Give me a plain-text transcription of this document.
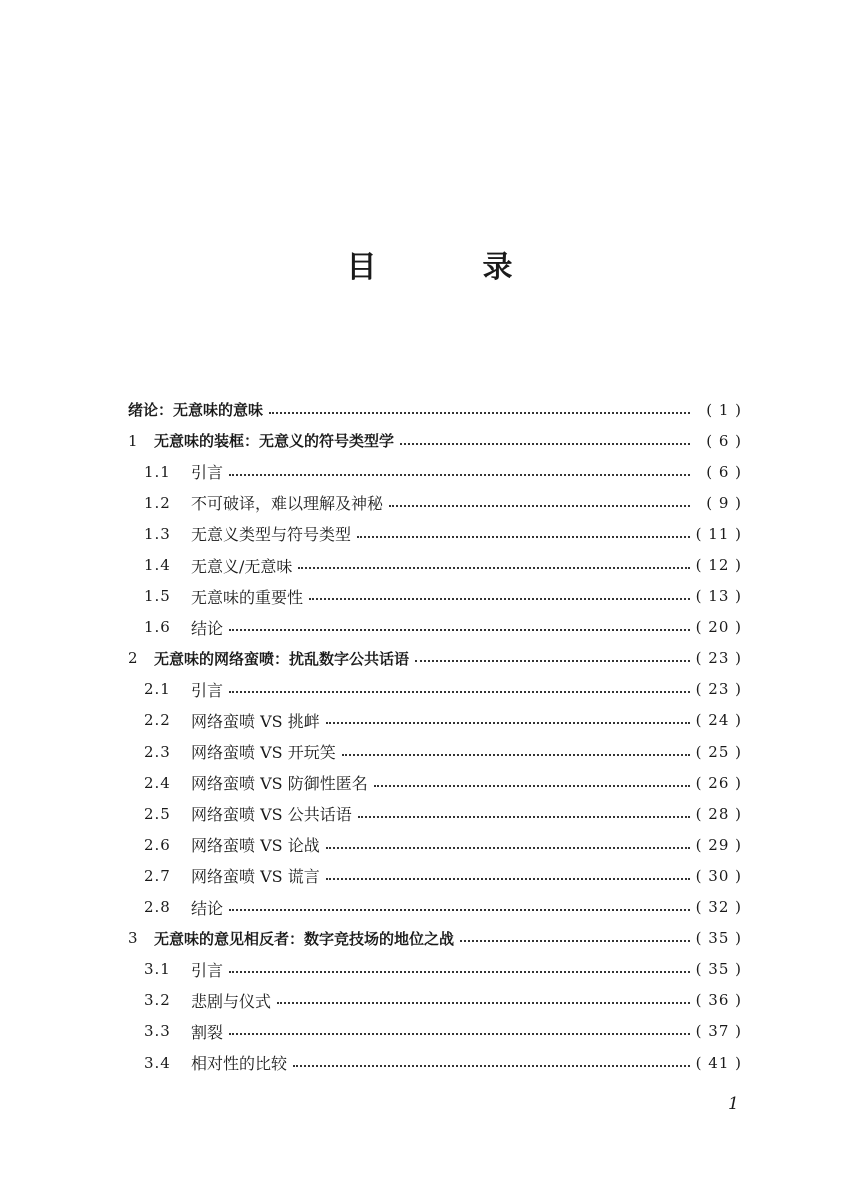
目　录
绪论：无意味的意味	( 1 )
1	无意味的装框：无意义的符号类型学	( 6 )
1.1	引言	( 6 )
1.2	不可破译，难以理解及神秘	( 9 )
1.3	无意义类型与符号类型	( 11 )
1.4	无意义/无意味	( 12 )
1.5	无意味的重要性	( 13 )
1.6	结论	( 20 )
2	无意味的网络蛮喷：扰乱数字公共话语	( 23 )
2.1	引言	( 23 )
2.2	网络蛮喷 VS 挑衅	( 24 )
2.3	网络蛮喷 VS 开玩笑	( 25 )
2.4	网络蛮喷 VS 防御性匿名	( 26 )
2.5	网络蛮喷 VS 公共话语	( 28 )
2.6	网络蛮喷 VS 论战	( 29 )
2.7	网络蛮喷 VS 谎言	( 30 )
2.8	结论	( 32 )
3	无意味的意见相反者：数字竞技场的地位之战	( 35 )
3.1	引言	( 35 )
3.2	悲剧与仪式	( 36 )
3.3	割裂	( 37 )
3.4	相对性的比较	( 41 )
1
